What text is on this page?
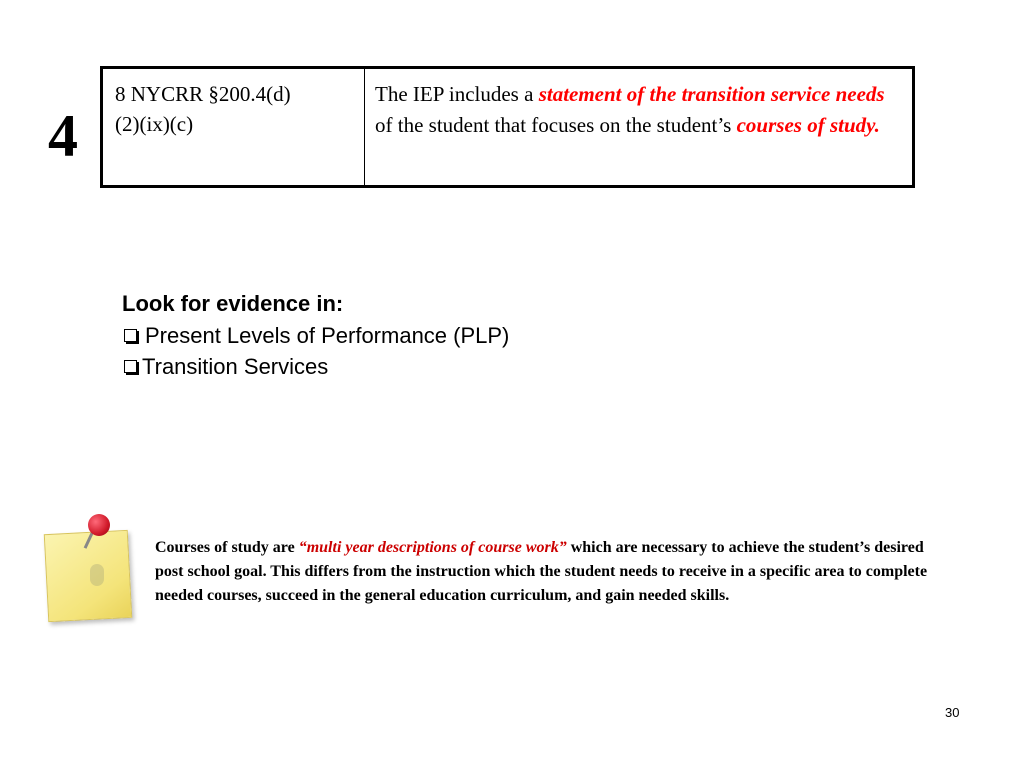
4
8 NYCRR §200.4(d)
(2)(ix)(c)
The IEP includes a statement of the transition service needs of the student that focuses on the student’s courses of study.
Look for evidence in:
Present Levels of Performance (PLP)
Transition Services
Courses of study are “multi year descriptions of course work” which are necessary to achieve the student’s desired post school goal. This differs from the instruction which the student needs to receive in a specific area to complete needed courses, succeed in the general education curriculum, and gain needed skills.
30
